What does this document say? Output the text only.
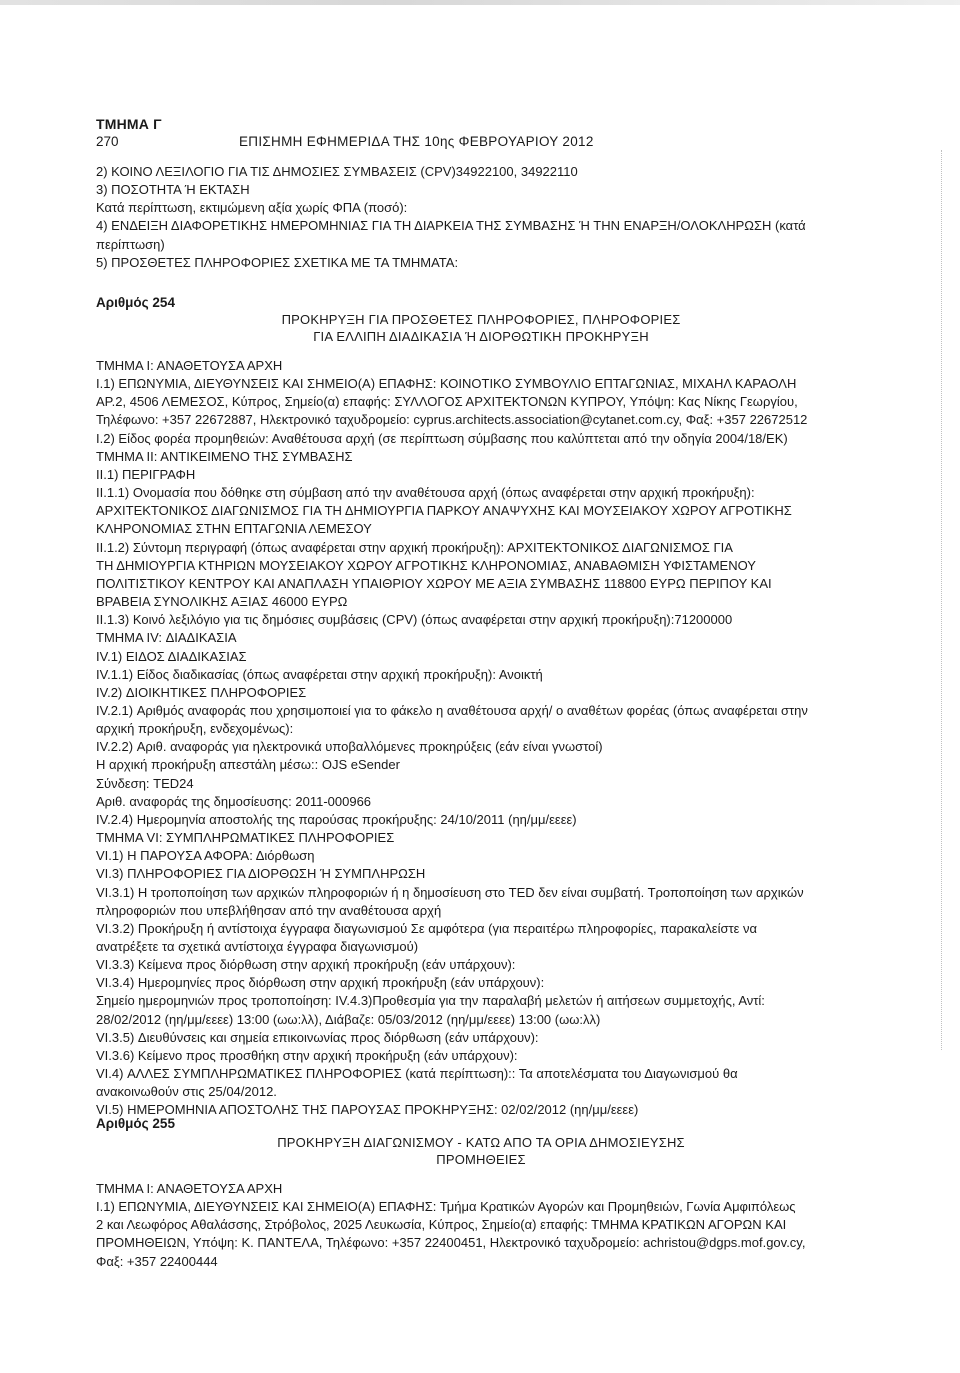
ΤΜΗΜΑ Γ
270	ΕΠΙΣΗΜΗ ΕΦΗΜΕΡΙΔΑ ΤΗΣ 10ης ΦΕΒΡΟΥΑΡΙΟΥ 2012
2) ΚΟΙΝΟ ΛΕΞΙΛΟΓΙΟ ΓΙΑ ΤΙΣ ΔΗΜΟΣΙΕΣ ΣΥΜΒΑΣΕΙΣ (CPV)34922100, 34922110
3) ΠΟΣΟΤΗΤΑ Ή ΕΚΤΑΣΗ
Κατά περίπτωση, εκτιμώμενη αξία χωρίς ΦΠΑ (ποσό):
4) ΕΝΔΕΙΞΗ ΔΙΑΦΟΡΕΤΙΚΗΣ ΗΜΕΡΟΜΗΝΙΑΣ ΓΙΑ ΤΗ ΔΙΑΡΚΕΙΑ ΤΗΣ ΣΥΜΒΑΣΗΣ Ή ΤΗΝ ΕΝΑΡΞΗ/ΟΛΟΚΛΗΡΩΣΗ (κατά
περίπτωση)
5) ΠΡΟΣΘΕΤΕΣ ΠΛΗΡΟΦΟΡΙΕΣ ΣΧΕΤΙΚΑ ΜΕ ΤΑ ΤΜΗΜΑΤΑ:
Αριθμός 254
ΠΡΟΚΗΡΥΞΗ ΓΙΑ ΠΡΟΣΘΕΤΕΣ ΠΛΗΡΟΦΟΡΙΕΣ, ΠΛΗΡΟΦΟΡΙΕΣ
ΓΙΑ ΕΛΛΙΠΗ ΔΙΑΔΙΚΑΣΙΑ Ή ΔΙΟΡΘΩΤΙΚΗ ΠΡΟΚΗΡΥΞΗ
ΤΜΗΜΑ Ι: ΑΝΑΘΕΤΟΥΣΑ ΑΡΧΗ
Ι.1) ΕΠΩΝΥΜΙΑ, ΔΙΕΥΘΥΝΣΕΙΣ ΚΑΙ ΣΗΜΕΙΟ(Α) ΕΠΑΦΗΣ: ΚΟΙΝΟΤΙΚΟ ΣΥΜΒΟΥΛΙΟ ΕΠΤΑΓΩΝΙΑΣ, ΜΙΧΑΗΛ ΚΑΡΑΟΛΗ
ΑΡ.2, 4506 ΛΕΜΕΣΟΣ, Κύπρος, Σημείο(α) επαφής: ΣΥΛΛΟΓΟΣ ΑΡΧΙΤΕΚΤΟΝΩΝ ΚΥΠΡΟΥ, Υπόψη: Κας Νίκης Γεωργίου,
Τηλέφωνο: +357 22672887, Ηλεκτρονικό ταχυδρομείο: cyprus.architects.association@cytanet.com.cy, Φαξ: +357 22672512
Ι.2) Είδος φορέα προμηθειών: Αναθέτουσα αρχή (σε περίπτωση σύμβασης που καλύπτεται από την οδηγία 2004/18/ΕΚ)
ΤΜΗΜΑ ΙΙ: ΑΝΤΙΚΕΙΜΕΝΟ ΤΗΣ ΣΥΜΒΑΣΗΣ
ΙΙ.1) ΠΕΡΙΓΡΑΦΗ
ΙΙ.1.1) Ονομασία που δόθηκε στη σύμβαση από την αναθέτουσα αρχή (όπως αναφέρεται στην αρχική προκήρυξη):
ΑΡΧΙΤΕΚΤΟΝΙΚΟΣ ΔΙΑΓΩΝΙΣΜΟΣ ΓΙΑ ΤΗ ΔΗΜΙΟΥΡΓΙΑ ΠΑΡΚΟΥ ΑΝΑΨΥΧΗΣ ΚΑΙ ΜΟΥΣΕΙΑΚΟΥ ΧΩΡΟΥ ΑΓΡΟΤΙΚΗΣ
ΚΛΗΡΟΝΟΜΙΑΣ ΣΤΗΝ ΕΠΤΑΓΩΝΙΑ ΛΕΜΕΣΟΥ
ΙΙ.1.2) Σύντομη περιγραφή (όπως αναφέρεται στην αρχική προκήρυξη): ΑΡΧΙΤΕΚΤΟΝΙΚΟΣ ΔΙΑΓΩΝΙΣΜΟΣ ΓΙΑ
ΤΗ ΔΗΜΙΟΥΡΓΙΑ ΚΤΗΡΙΩΝ ΜΟΥΣΕΙΑΚΟΥ ΧΩΡΟΥ ΑΓΡΟΤΙΚΗΣ ΚΛΗΡΟΝΟΜΙΑΣ, ΑΝΑΒΑΘΜΙΣΗ ΥΦΙΣΤΑΜΕΝΟΥ
ΠΟΛΙΤΙΣΤΙΚΟΥ ΚΕΝΤΡΟΥ ΚΑΙ ΑΝΑΠΛΑΣΗ ΥΠΑΙΘΡΙΟΥ ΧΩΡΟΥ ΜΕ ΑΞΙΑ ΣΥΜΒΑΣΗΣ 118800 ΕΥΡΩ ΠΕΡΙΠΟΥ ΚΑΙ
ΒΡΑΒΕΙΑ ΣΥΝΟΛΙΚΗΣ ΑΞΙΑΣ 46000 ΕΥΡΩ
ΙΙ.1.3) Κοινό λεξιλόγιο για τις δημόσιες συμβάσεις (CPV) (όπως αναφέρεται στην αρχική προκήρυξη):71200000
ΤΜΗΜΑ IV: ΔΙΑΔΙΚΑΣΙΑ
IV.1) ΕΙΔΟΣ ΔΙΑΔΙΚΑΣΙΑΣ
IV.1.1) Είδος διαδικασίας (όπως αναφέρεται στην αρχική προκήρυξη): Ανοικτή
IV.2) ΔΙΟΙΚΗΤΙΚΕΣ ΠΛΗΡΟΦΟΡΙΕΣ
IV.2.1) Αριθμός αναφοράς που χρησιμοποιεί για το φάκελο η αναθέτουσα αρχή/ ο αναθέτων φορέας (όπως αναφέρεται στην
αρχική προκήρυξη, ενδεχομένως):
IV.2.2) Αριθ. αναφοράς για ηλεκτρονικά υποβαλλόμενες προκηρύξεις (εάν είναι γνωστοί)
Η αρχική προκήρυξη απεστάλη μέσω:: OJS eSender
Σύνδεση: TED24
Αριθ. αναφοράς της δημοσίευσης: 2011-000966
IV.2.4) Ημερομηνία αποστολής της παρούσας προκήρυξης: 24/10/2011 (ηη/μμ/εεεε)
ΤΜΗΜΑ VI: ΣΥΜΠΛΗΡΩΜΑΤΙΚΕΣ ΠΛΗΡΟΦΟΡΙΕΣ
VI.1) Η ΠΑΡΟΥΣΑ ΑΦΟΡΑ: Διόρθωση
VI.3) ΠΛΗΡΟΦΟΡΙΕΣ ΓΙΑ ΔΙΟΡΘΩΣΗ Ή ΣΥΜΠΛΗΡΩΣΗ
VI.3.1) Η τροποποίηση των αρχικών πληροφοριών ή η δημοσίευση στο TED δεν είναι συμβατή. Τροποποίηση των αρχικών
πληροφοριών που υπεβλήθησαν από την αναθέτουσα αρχή
VI.3.2) Προκήρυξη ή αντίστοιχα έγγραφα διαγωνισμού Σε αμφότερα (για περαιτέρω πληροφορίες, παρακαλείστε να
ανατρέξετε τα σχετικά αντίστοιχα έγγραφα διαγωνισμού)
VI.3.3) Κείμενα προς διόρθωση στην αρχική προκήρυξη (εάν υπάρχουν):
VI.3.4) Ημερομηνίες προς διόρθωση στην αρχική προκήρυξη (εάν υπάρχουν):
Σημείο ημερομηνιών προς τροποποίηση: IV.4.3)Προθεσμία για την παραλαβή μελετών ή αιτήσεων συμμετοχής, Αντί:
28/02/2012 (ηη/μμ/εεεε) 13:00 (ωω:λλ), Διάβαζε: 05/03/2012 (ηη/μμ/εεεε) 13:00 (ωω:λλ)
VI.3.5) Διευθύνσεις και σημεία επικοινωνίας προς διόρθωση (εάν υπάρχουν):
VI.3.6) Κείμενο προς προσθήκη στην αρχική προκήρυξη (εάν υπάρχουν):
VI.4) ΑΛΛΕΣ ΣΥΜΠΛΗΡΩΜΑΤΙΚΕΣ ΠΛΗΡΟΦΟΡΙΕΣ (κατά περίπτωση):: Τα αποτελέσματα του Διαγωνισμού θα
ανακοινωθούν στις 25/04/2012.
VI.5) ΗΜΕΡΟΜΗΝΙΑ ΑΠΟΣΤΟΛΗΣ ΤΗΣ ΠΑΡΟΥΣΑΣ ΠΡΟΚΗΡΥΞΗΣ: 02/02/2012 (ηη/μμ/εεεε)
Αριθμός 255
ΠΡΟΚΗΡΥΞΗ ΔΙΑΓΩΝΙΣΜΟΥ - ΚΑΤΩ ΑΠΟ ΤΑ ΟΡΙΑ ΔΗΜΟΣΙΕΥΣΗΣ
ΠΡΟΜΗΘΕΙΕΣ
ΤΜΗΜΑ Ι: ΑΝΑΘΕΤΟΥΣΑ ΑΡΧΗ
Ι.1) ΕΠΩΝΥΜΙΑ, ΔΙΕΥΘΥΝΣΕΙΣ ΚΑΙ ΣΗΜΕΙΟ(Α) ΕΠΑΦΗΣ: Τμήμα Κρατικών Αγορών και Προμηθειών, Γωνία Αμφιπόλεως
2 και Λεωφόρος Αθαλάσσης, Στρόβολος, 2025 Λευκωσία, Κύπρος, Σημείο(α) επαφής: ΤΜΗΜΑ ΚΡΑΤΙΚΩΝ ΑΓΟΡΩΝ ΚΑΙ
ΠΡΟΜΗΘΕΙΩΝ, Υπόψη: Κ. ΠΑΝΤΕΛΑ, Τηλέφωνο: +357 22400451, Ηλεκτρονικό ταχυδρομείο: achristou@dgps.mof.gov.cy,
Φαξ: +357 22400444
